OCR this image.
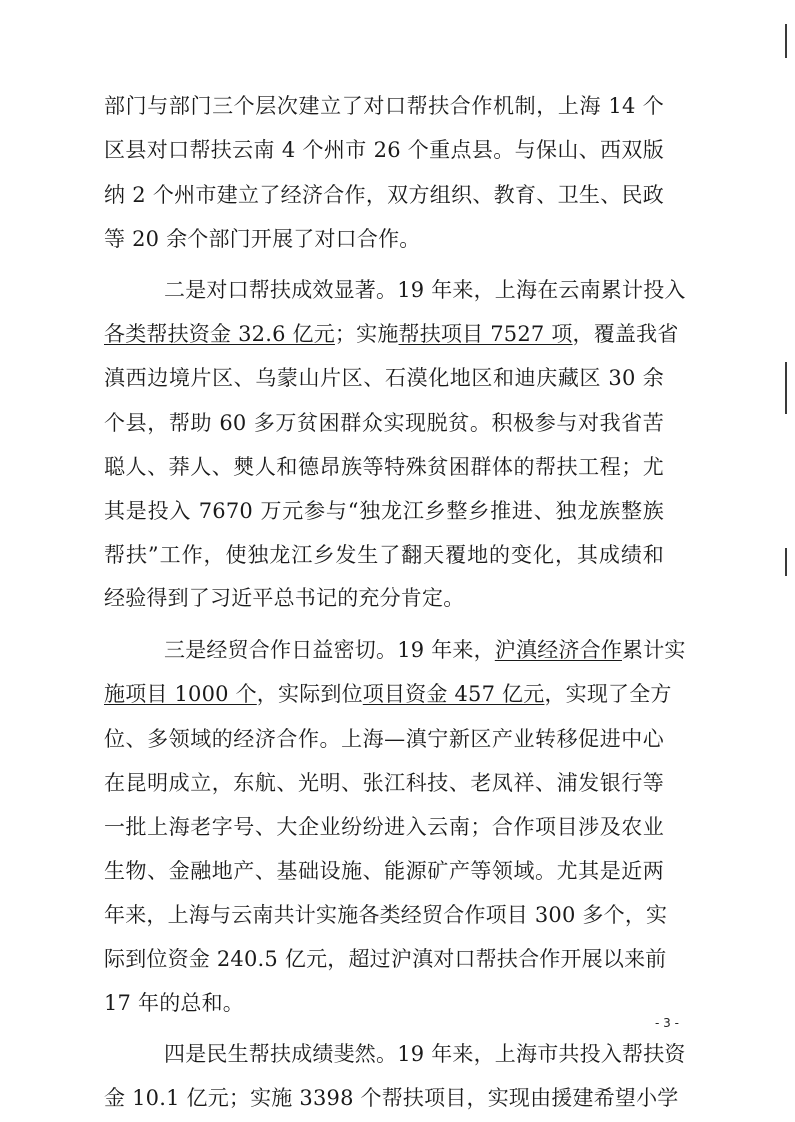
部门与部门三个层次建立了对口帮扶合作机制，上海 14 个
区县对口帮扶云南 4 个州市 26 个重点县。与保山、西双版
纳 2 个州市建立了经济合作，双方组织、教育、卫生、民政
等 20 余个部门开展了对口合作。
二是对口帮扶成效显著。19 年来，上海在云南累计投入
各类帮扶资金 32.6 亿元；实施帮扶项目 7527 项，覆盖我省
滇西边境片区、乌蒙山片区、石漠化地区和迪庆藏区 30 余
个县，帮助 60 多万贫困群众实现脱贫。积极参与对我省苦
聪人、莽人、僰人和德昂族等特殊贫困群体的帮扶工程；尤
其是投入 7670 万元参与“独龙江乡整乡推进、独龙族整族
帮扶”工作，使独龙江乡发生了翻天覆地的变化，其成绩和
经验得到了习近平总书记的充分肯定。
三是经贸合作日益密切。19 年来，沪滇经济合作累计实
施项目 1000 个，实际到位项目资金 457 亿元，实现了全方
位、多领域的经济合作。上海—滇宁新区产业转移促进中心
在昆明成立，东航、光明、张江科技、老凤祥、浦发银行等
一批上海老字号、大企业纷纷进入云南；合作项目涉及农业
生物、金融地产、基础设施、能源矿产等领域。尤其是近两
年来，上海与云南共计实施各类经贸合作项目 300 多个，实
际到位资金 240.5 亿元，超过沪滇对口帮扶合作开展以来前
17 年的总和。
四是民生帮扶成绩斐然。19 年来，上海市共投入帮扶资
金 10.1 亿元；实施 3398 个帮扶项目，实现由援建希望小学
- 3 -
